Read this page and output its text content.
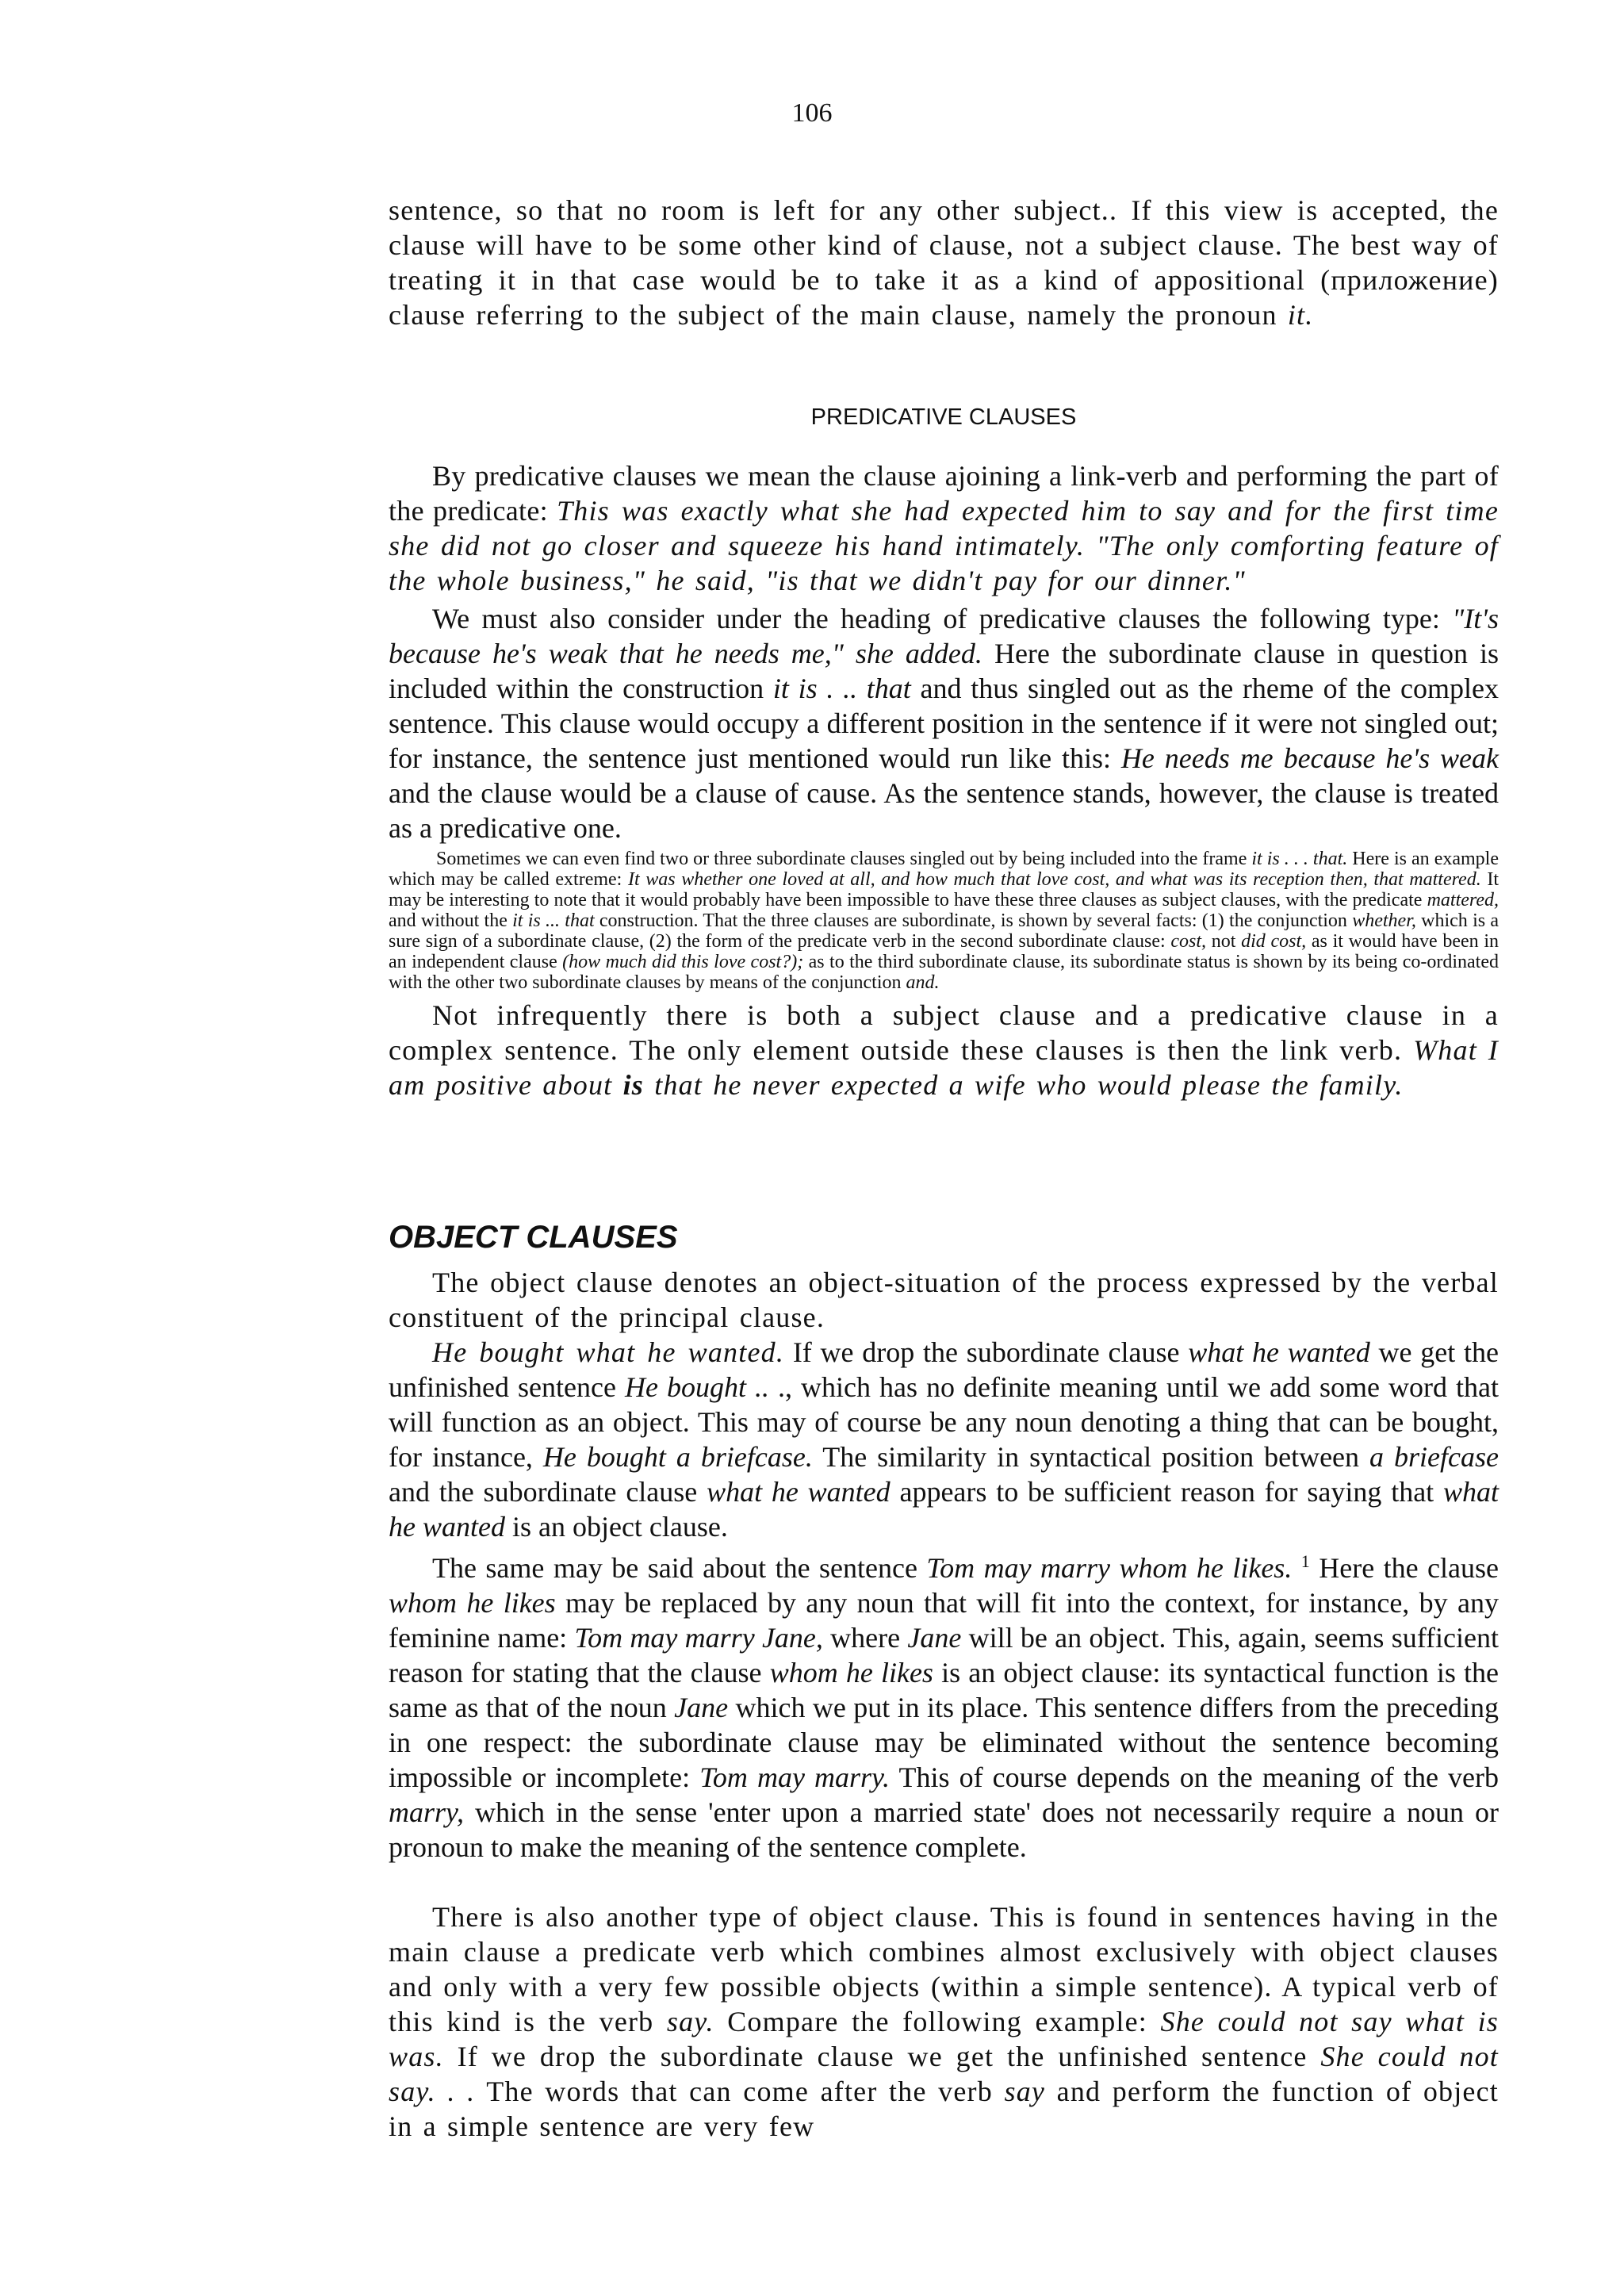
106

sentence, so that no room is left for any other subject.. If this view is accepted, the clause will have to be some other kind of clause, not a subject clause. The best way of treating it in that case would be to take it as a kind of appositional (приложение) clause referring to the subject of the main clause, namely the pronoun it.

PREDICATIVE CLAUSES

By predicative clauses we mean the clause ajoining a link-verb and performing the part of the predicate: This was exactly what she had expected him to say and for the first time she did not go closer and squeeze his hand intimately. "The only comforting feature of the whole business," he said, "is that we didn't pay for our dinner."

We must also consider under the heading of predicative clauses the following type: "It's because he's weak that he needs me," she added. Here the subordinate clause in question is included within the construction it is . .. that and thus singled out as the rheme of the complex sentence. This clause would occupy a different position in the sentence if it were not singled out; for instance, the sentence just mentioned would run like this: He needs me because he's weak and the clause would be a clause of cause. As the sentence stands, however, the clause is treated as a predicative one.

Sometimes we can even find two or three subordinate clauses singled out by being included into the frame it is . . . that. Here is an example which may be called extreme: It was whether one loved at all, and how much that love cost, and what was its reception then, that mattered. It may be interesting to note that it would probably have been impossible to have these three clauses as subject clauses, with the predicate mattered, and without the it is ... that construction. That the three clauses are subordinate, is shown by several facts: (1) the conjunction whether, which is a sure sign of a subordinate clause, (2) the form of the predicate verb in the second subordinate clause: cost, not did cost, as it would have been in an independent clause (how much did this love cost?); as to the third subordinate clause, its subordinate status is shown by its being co-ordinated with the other two subordinate clauses by means of the conjunction and.

Not infrequently there is both a subject clause and a predicative clause in a complex sentence. The only element outside these clauses is then the link verb. What I am positive about is that he never expected a wife who would please the family.

OBJECT CLAUSES

The object clause denotes an object-situation of the process expressed by the verbal constituent of the principal clause.

He bought what he wanted. If we drop the subordinate clause what he wanted we get the unfinished sentence He bought .. ., which has no definite meaning until we add some word that will function as an object. This may of course be any noun denoting a thing that can be bought, for instance, He bought a briefcase. The similarity in syntactical position between a briefcase and the subordinate clause what he wanted appears to be sufficient reason for saying that what he wanted is an object clause.

The same may be said about the sentence Tom may marry whom he likes. $^1$ Here the clause whom he likes may be replaced by any noun that will fit into the context, for instance, by any feminine name: Tom may marry Jane, where Jane will be an object. This, again, seems sufficient reason for stating that the clause whom he likes is an object clause: its syntactical function is the same as that of the noun Jane which we put in its place. This sentence differs from the preceding in one respect: the subordinate clause may be eliminated without the sentence becoming impossible or incomplete: Tom may marry. This of course depends on the meaning of the verb marry, which in the sense 'enter upon a married state' does not necessarily require a noun or pronoun to make the meaning of the sentence complete.

There is also another type of object clause. This is found in sentences having in the main clause a predicate verb which combines almost exclusively with object clauses and only with a very few possible objects (within a simple sentence). A typical verb of this kind is the verb say. Compare the following example: She could not say what is was. If we drop the subordinate clause we get the unfinished sentence She could not say. . . The words that can come after the verb say and perform the function of object in a simple sentence are very few
